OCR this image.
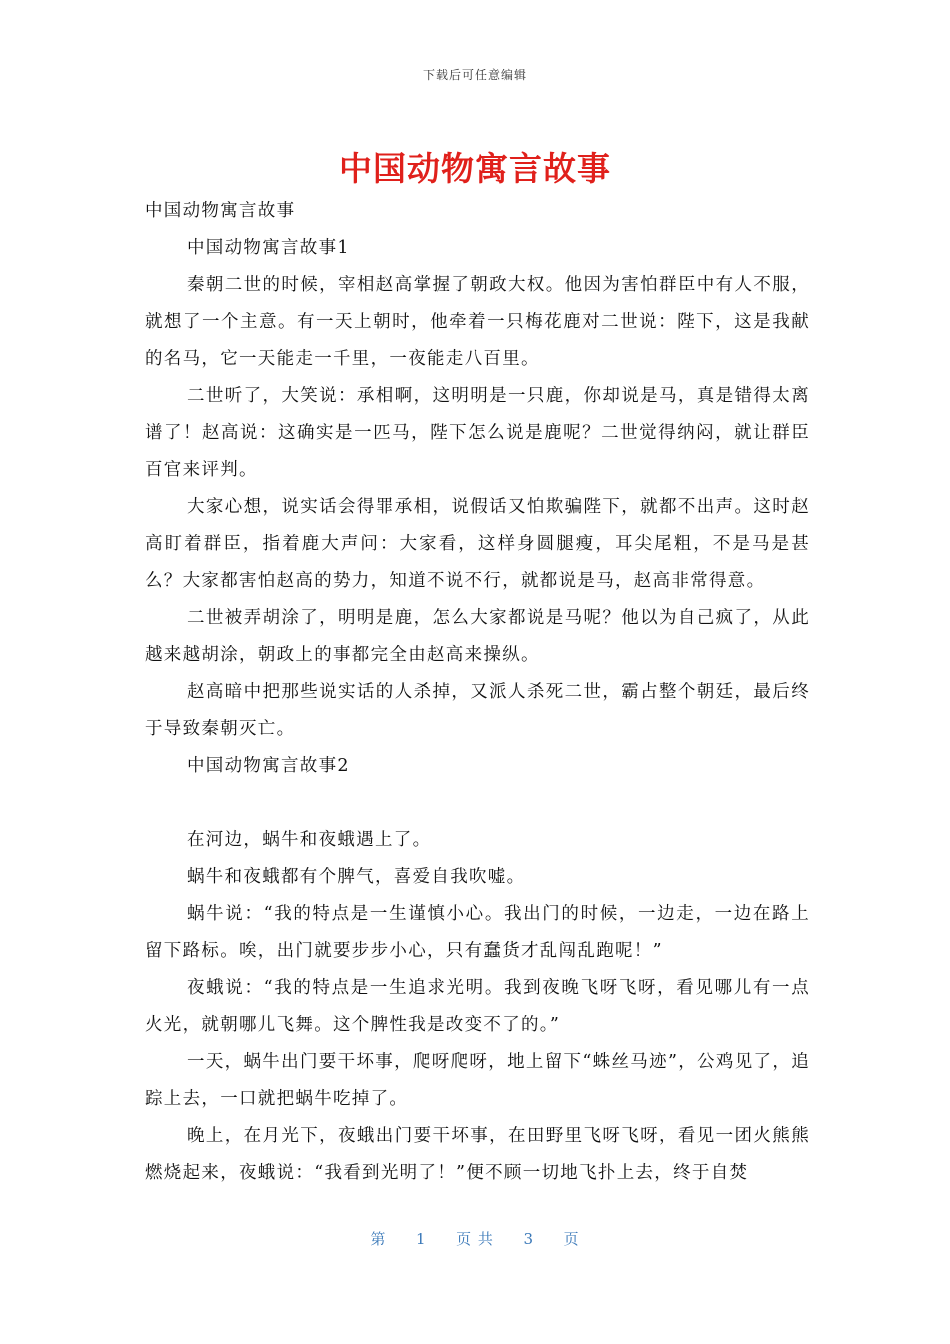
下载后可任意编辑
中国动物寓言故事

中国动物寓言故事

中国动物寓言故事1

秦朝二世的时候，宰相赵高掌握了朝政大权。他因为害怕群臣中有人不服，就想了一个主意。有一天上朝时，他牵着一只梅花鹿对二世说：陛下，这是我献的名马，它一天能走一千里，一夜能走八百里。

二世听了，大笑说：承相啊，这明明是一只鹿，你却说是马，真是错得太离谱了！赵高说：这确实是一匹马，陛下怎么说是鹿呢？二世觉得纳闷，就让群臣百官来评判。

大家心想，说实话会得罪承相，说假话又怕欺骗陛下，就都不出声。这时赵高盯着群臣，指着鹿大声问：大家看，这样身圆腿瘦，耳尖尾粗，不是马是甚么？大家都害怕赵高的势力，知道不说不行，就都说是马，赵高非常得意。

二世被弄胡涂了，明明是鹿，怎么大家都说是马呢？他以为自己疯了，从此越来越胡涂，朝政上的事都完全由赵高来操纵。

赵高暗中把那些说实话的人杀掉，又派人杀死二世，霸占整个朝廷，最后终于导致秦朝灭亡。

中国动物寓言故事2

在河边，蜗牛和夜蛾遇上了。

蜗牛和夜蛾都有个脾气，喜爱自我吹嘘。

蜗牛说：“我的特点是一生谨慎小心。我出门的时候，一边走，一边在路上留下路标。唉，出门就要步步小心，只有蠢货才乱闯乱跑呢！”

夜蛾说：“我的特点是一生追求光明。我到夜晚飞呀飞呀，看见哪儿有一点火光，就朝哪儿飞舞。这个脾性我是改变不了的。”

一天，蜗牛出门要干坏事，爬呀爬呀，地上留下“蛛丝马迹”，公鸡见了，追踪上去，一口就把蜗牛吃掉了。

晚上，在月光下，夜蛾出门要干坏事，在田野里飞呀飞呀，看见一团火熊熊燃烧起来，夜蛾说：“我看到光明了！”便不顾一切地飞扑上去，终于自焚

第 1 页 共 3 页
